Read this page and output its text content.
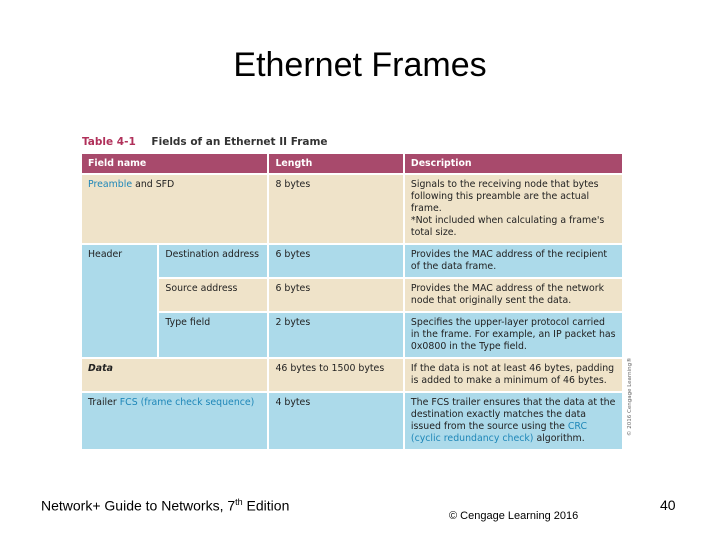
Ethernet Frames
Table 4-1 Fields of an Ethernet II Frame
Field name		Length	Description
Preamble and SFD		8 bytes	Signals to the receiving node that bytes following this preamble are the actual frame.
*Not included when calculating a frame's total size.

Header	Destination address	6 bytes	Provides the MAC address of the recipient of the data frame.
	Source address	6 bytes	Provides the MAC address of the network node that originally sent the data.
	Type field	2 bytes	Specifies the upper-layer protocol carried in the frame. For example, an IP packet has 0x0800 in the Type field.
Data		46 bytes to 1500 bytes	If the data is not at least 46 bytes, padding is added to make a minimum of 46 bytes.
Trailer FCS (frame check sequence)		4 bytes	The FCS trailer ensures that the data at the destination exactly matches the data issued from the source using the CRC (cyclic redundancy check) algorithm.
© 2016 Cengage Learning®
Network+ Guide to Networks, 7th Edition
© Cengage Learning 2016
40
